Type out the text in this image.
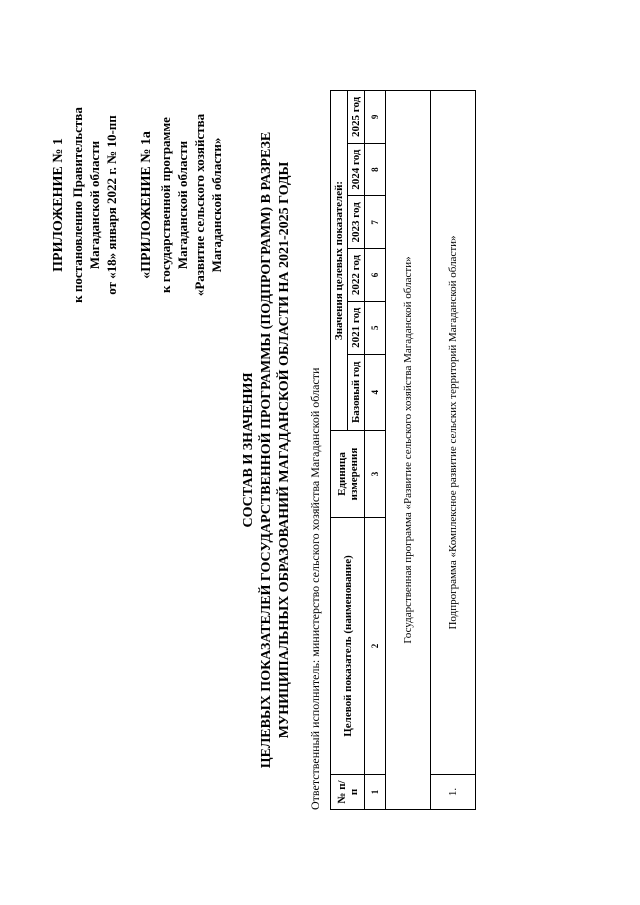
ПРИЛОЖЕНИЕ № 1 к постановлению Правительства Магаданской области от «18» января 2022 г. № 10-пп «ПРИЛОЖЕНИЕ № 1а к государственной программе Магаданской области «Развитие сельского хозяйства Магаданской области»
СОСТАВ И ЗНАЧЕНИЯ ЦЕЛЕВЫХ ПОКАЗАТЕЛЕЙ ГОСУДАРСТВЕННОЙ ПРОГРАММЫ (ПОДПРОГРАММ) В РАЗРЕЗЕ МУНИЦИПАЛЬНЫХ ОБРАЗОВАНИЙ МАГАДАНСКОЙ ОБЛАСТИ НА 2021-2025 ГОДЫ Ответственный исполнитель: министерство сельского хозяйства Магаданской области № п/п	Целевой показатель (наименование)	Единица измерения	Значения целевых показателей:					
			Базовый год	2021 год	2022 год	2023 год	2024 год	2025 год
1	2	3	4	5	6	7	8	9
Государственная программа «Развитие сельского хозяйства Магаданской области»								
1.	Подпрограмма «Комплексное развитие сельских территорий Магаданской области»							
